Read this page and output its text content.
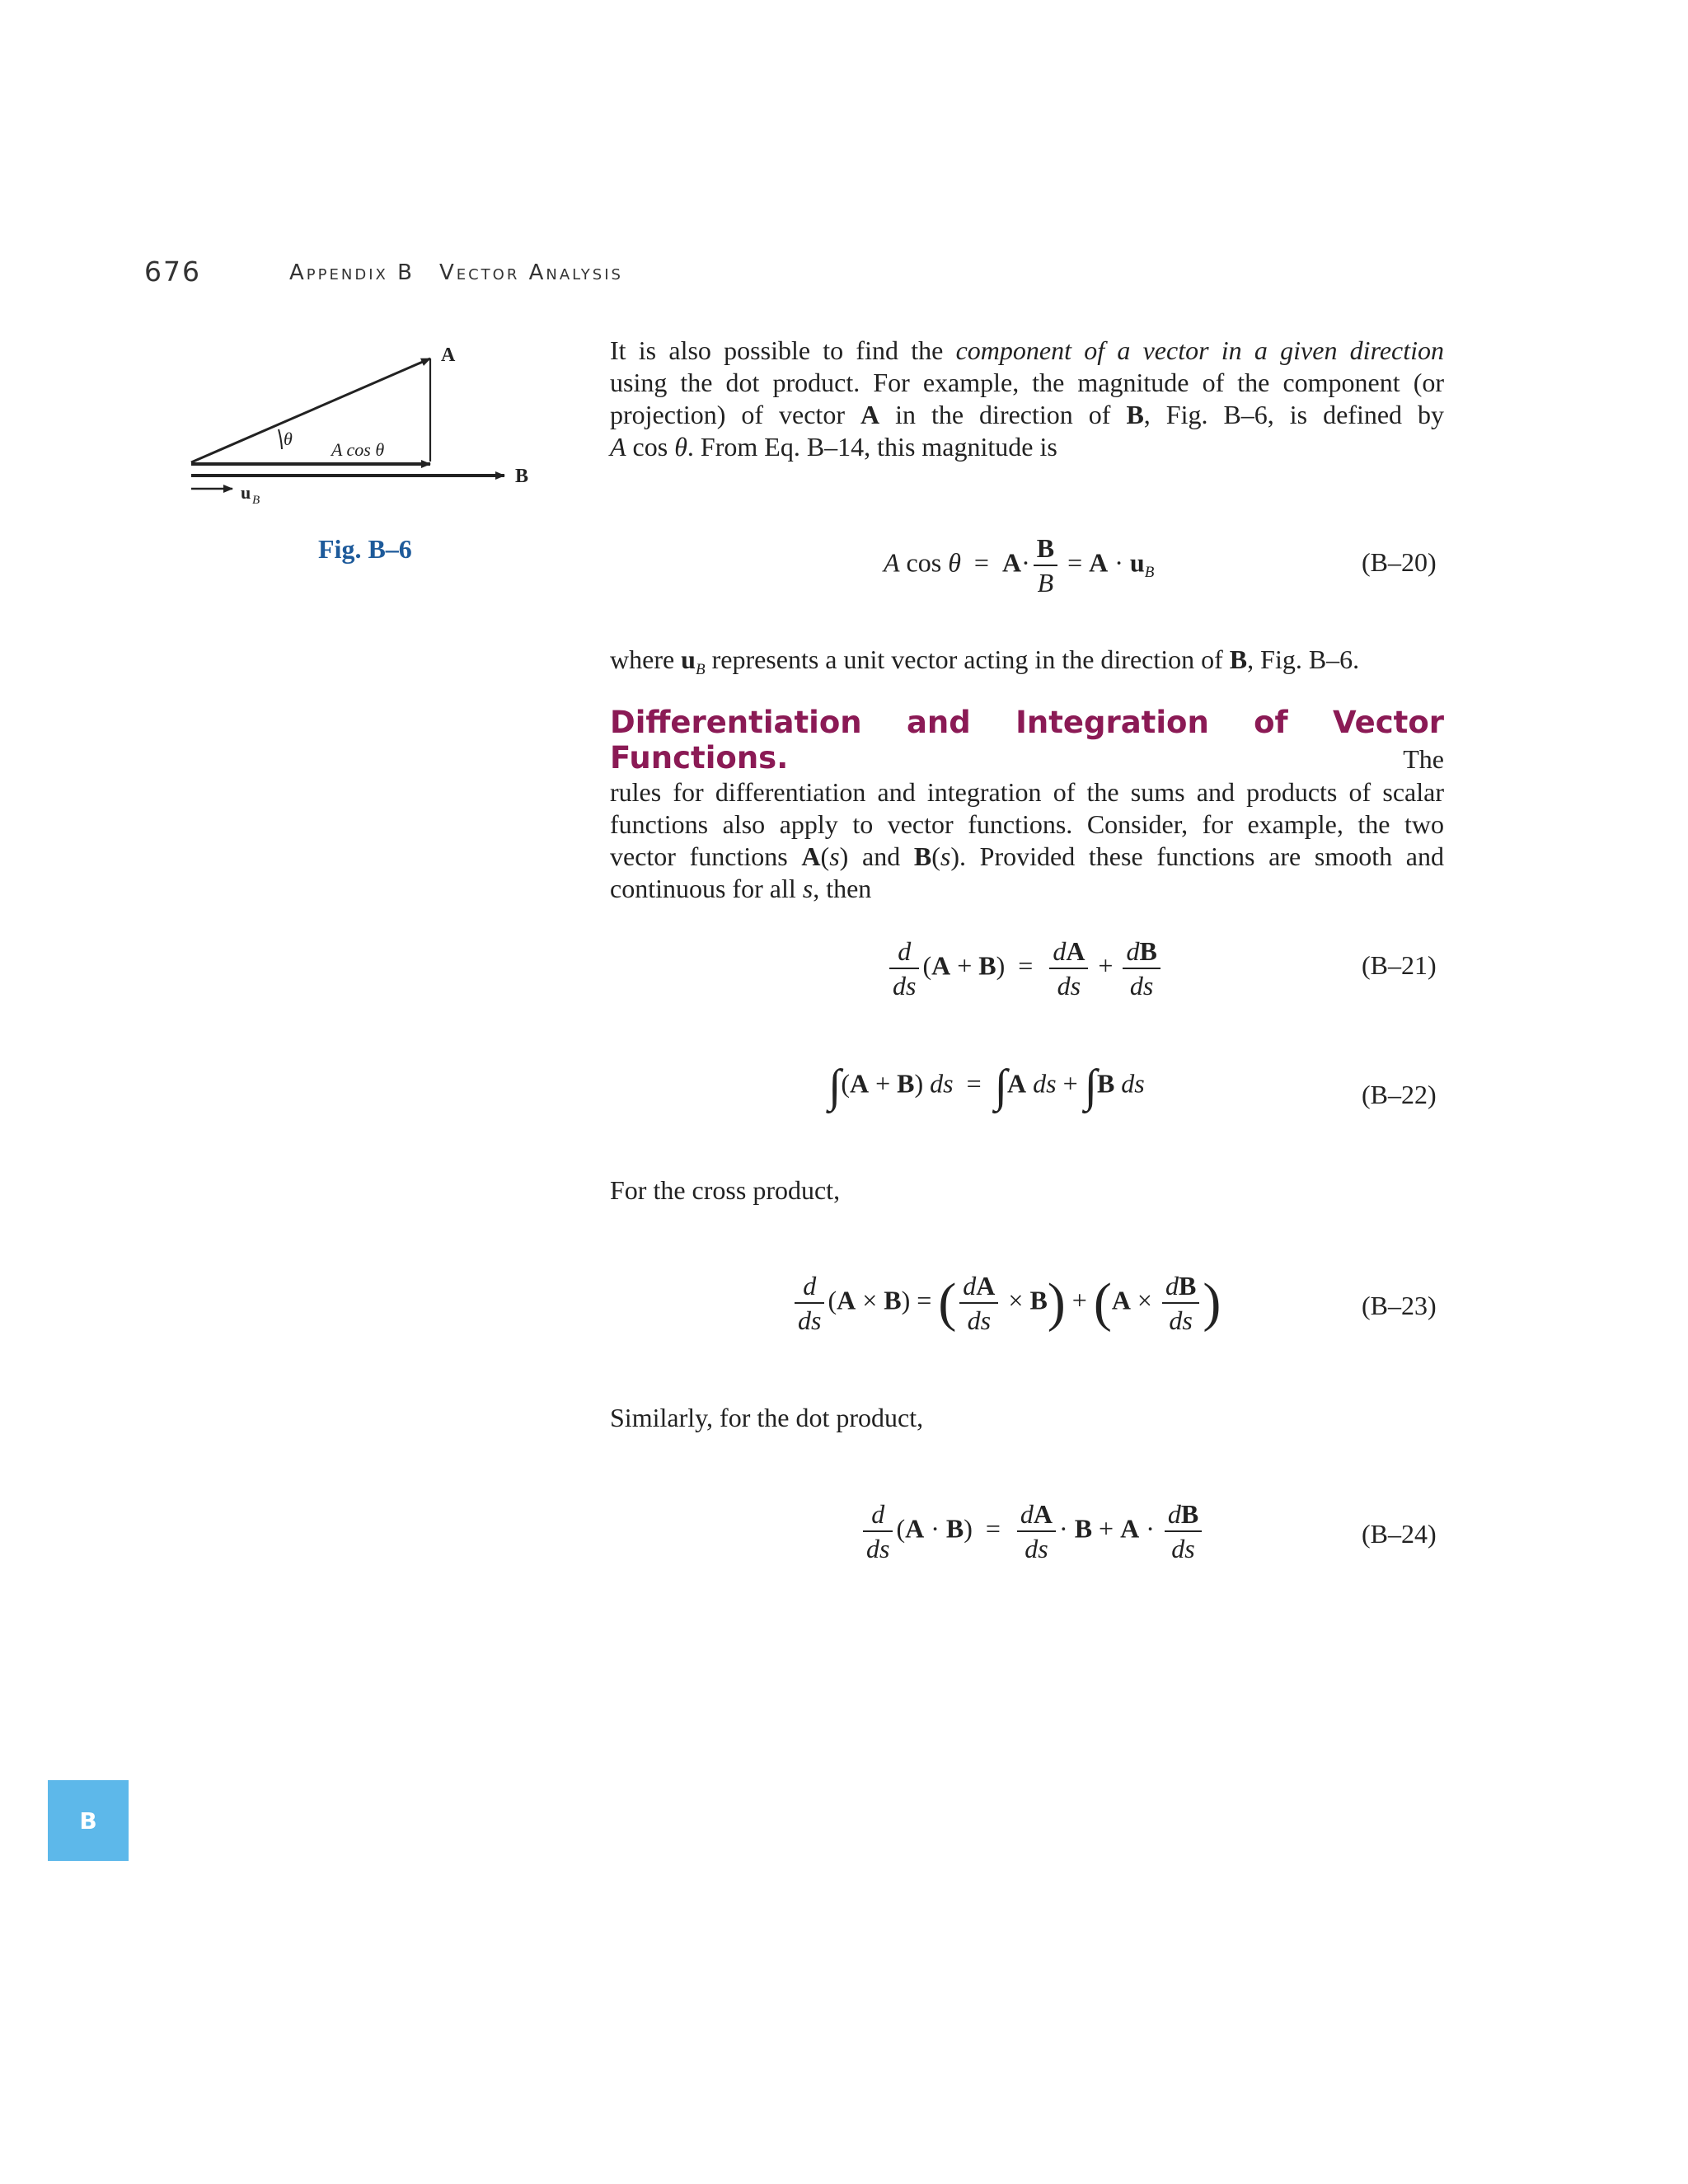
676	Appendix B Vector Analysis
A
B
θ
A cos θ
u B
Fig. B–6
It is also possible to find the component of a vector in a given direction
using the dot product. For example, the magnitude of the component (or
projection) of vector A in the direction of B, Fig. B–6, is defined by
A cos θ. From Eq. B–14, this magnitude is
A $\cos \theta = A\cdot \frac{B}{B} = A \cdot u_B$	(B–20)
where $u_B$ represents a unit vector acting in the direction of B, Fig. B–6.
Differentiation and Integration of Vector Functions.	The
rules for differentiation and integration of the sums and products of scalar
functions also apply to vector functions. Consider, for example, the two
vector functions A(s) and B(s). Provided these functions are smooth and
continuous for all s, then
$\frac{d}{ds} (A + B) = \frac{dA}{ds} + \frac{dB}{ds}$	(B–21)
∫(A + B) ds  =  ∫A ds + ∫B ds	(B–22)
For the cross product,
$\frac{d}{ds} (A \times B)$ = ( $\frac{dA}{ds} \times B) + (A \times \frac{dB}{ds}$ )	(B–23)
Similarly, for the dot product,
$\frac{d}{ds} (A \cdot B) = \frac{dA}{ds} \cdot B + A \cdot \frac{dB}{ds}$	(B–24)
B
